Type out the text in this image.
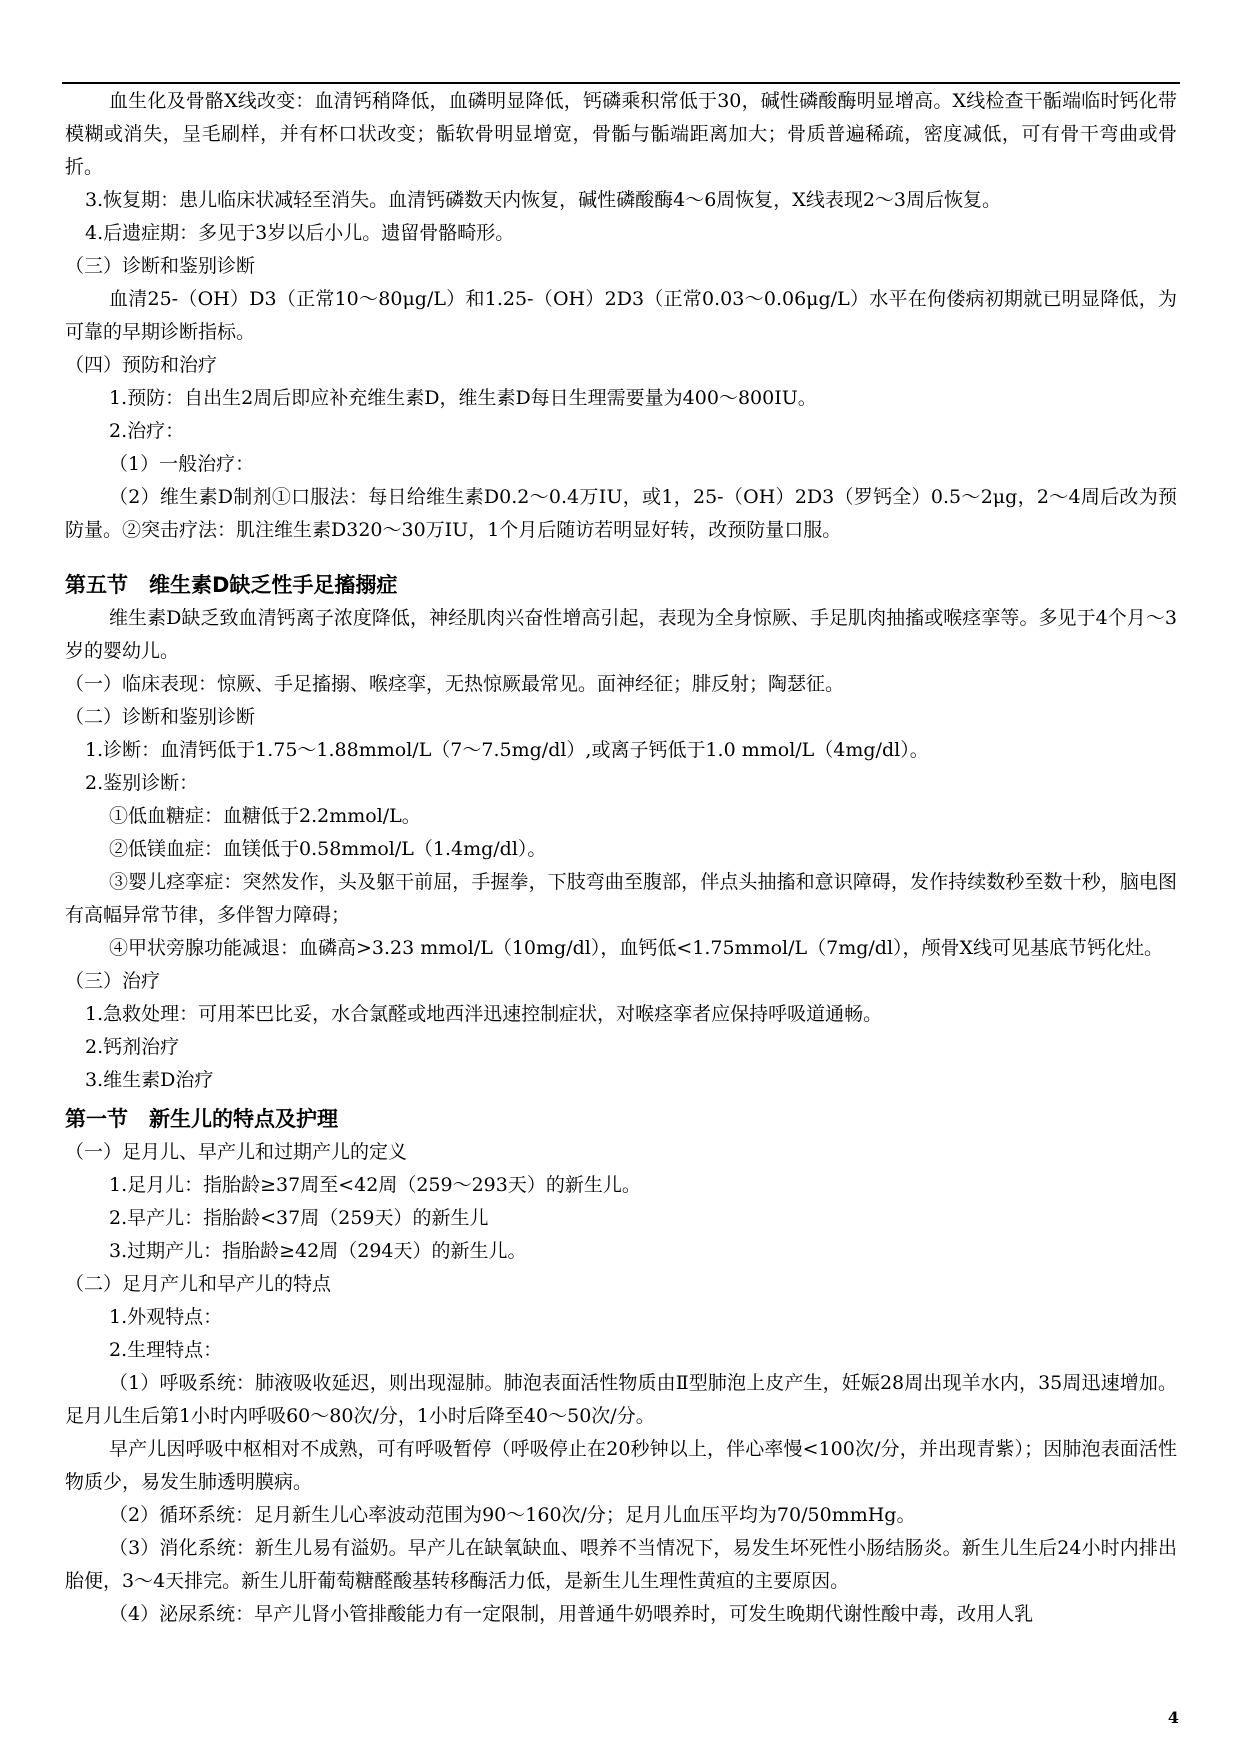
血生化及骨骼X线改变：血清钙稍降低，血磷明显降低，钙磷乘积常低于30，碱性磷酸酶明显增高。X线检查干骺端临时钙化带模糊或消失，呈毛刷样，并有杯口状改变；骺软骨明显增宽，骨骺与骺端距离加大；骨质普遍稀疏，密度减低，可有骨干弯曲或骨折。

3.恢复期：患儿临床状减轻至消失。血清钙磷数天内恢复，碱性磷酸酶4～6周恢复，X线表现2～3周后恢复。

4.后遗症期：多见于3岁以后小儿。遗留骨骼畸形。

（三）诊断和鉴别诊断

血清25-（OH）D3（正常10～80μg/L）和1.25-（OH）2D3（正常0.03～0.06μg/L）水平在佝偻病初期就已明显降低，为可靠的早期诊断指标。

（四）预防和治疗

1.预防：自出生2周后即应补充维生素D，维生素D每日生理需要量为400～800ⅠU。

2.治疗：

（1）一般治疗：

（2）维生素D制剂①口服法：每日给维生素D0.2～0.4万ⅠU，或1，25-（OH）2D3（罗钙全）0.5～2μg，2～4周后改为预防量。②突击疗法：肌注维生素D320～30万ⅠU，1个月后随访若明显好转，改预防量口服。

第五节　维生素D缺乏性手足搐搦症

维生素D缺乏致血清钙离子浓度降低，神经肌肉兴奋性增高引起，表现为全身惊厥、手足肌肉抽搐或喉痉挛等。多见于4个月～3岁的婴幼儿。

（一）临床表现：惊厥、手足搐搦、喉痉挛，无热惊厥最常见。面神经征；腓反射；陶瑟征。

（二）诊断和鉴别诊断

1.诊断：血清钙低于1.75～1.88mmol/L（7～7.5mg/dl）,或离子钙低于1.0 mmol/L（4mg/dl）。

2.鉴别诊断：

①低血糖症：血糖低于2.2mmol/L。

②低镁血症：血镁低于0.58mmol/L（1.4mg/dl）。

③婴儿痉挛症：突然发作，头及躯干前屈，手握拳，下肢弯曲至腹部，伴点头抽搐和意识障碍，发作持续数秒至数十秒，脑电图有高幅异常节律，多伴智力障碍；

④甲状旁腺功能减退：血磷高>3.23 mmol/L（10mg/dl），血钙低<1.75mmol/L（7mg/dl），颅骨X线可见基底节钙化灶。

（三）治疗

1.急救处理：可用苯巴比妥，水合氯醛或地西泮迅速控制症状，对喉痉挛者应保持呼吸道通畅。

2.钙剂治疗

3.维生素D治疗

第一节　新生儿的特点及护理

（一）足月儿、早产儿和过期产儿的定义

1.足月儿：指胎龄≥37周至<42周（259～293天）的新生儿。

2.早产儿：指胎龄<37周（259天）的新生儿

3.过期产儿：指胎龄≥42周（294天）的新生儿。

（二）足月产儿和早产儿的特点

1.外观特点：

2.生理特点：

（1）呼吸系统：肺液吸收延迟，则出现湿肺。肺泡表面活性物质由Ⅱ型肺泡上皮产生，妊娠28周出现羊水内，35周迅速增加。足月儿生后第1小时内呼吸60～80次/分，1小时后降至40～50次/分。

早产儿因呼吸中枢相对不成熟，可有呼吸暂停（呼吸停止在20秒钟以上，伴心率慢<100次/分，并出现青紫）；因肺泡表面活性物质少，易发生肺透明膜病。

（2）循环系统：足月新生儿心率波动范围为90～160次/分；足月儿血压平均为70/50mmHg。

（3）消化系统：新生儿易有溢奶。早产儿在缺氧缺血、喂养不当情况下，易发生坏死性小肠结肠炎。新生儿生后24小时内排出胎便，3～4天排完。新生儿肝葡萄糖醛酸基转移酶活力低，是新生儿生理性黄疸的主要原因。

（4）泌尿系统：早产儿肾小管排酸能力有一定限制，用普通牛奶喂养时，可发生晚期代谢性酸中毒，改用人乳

4
